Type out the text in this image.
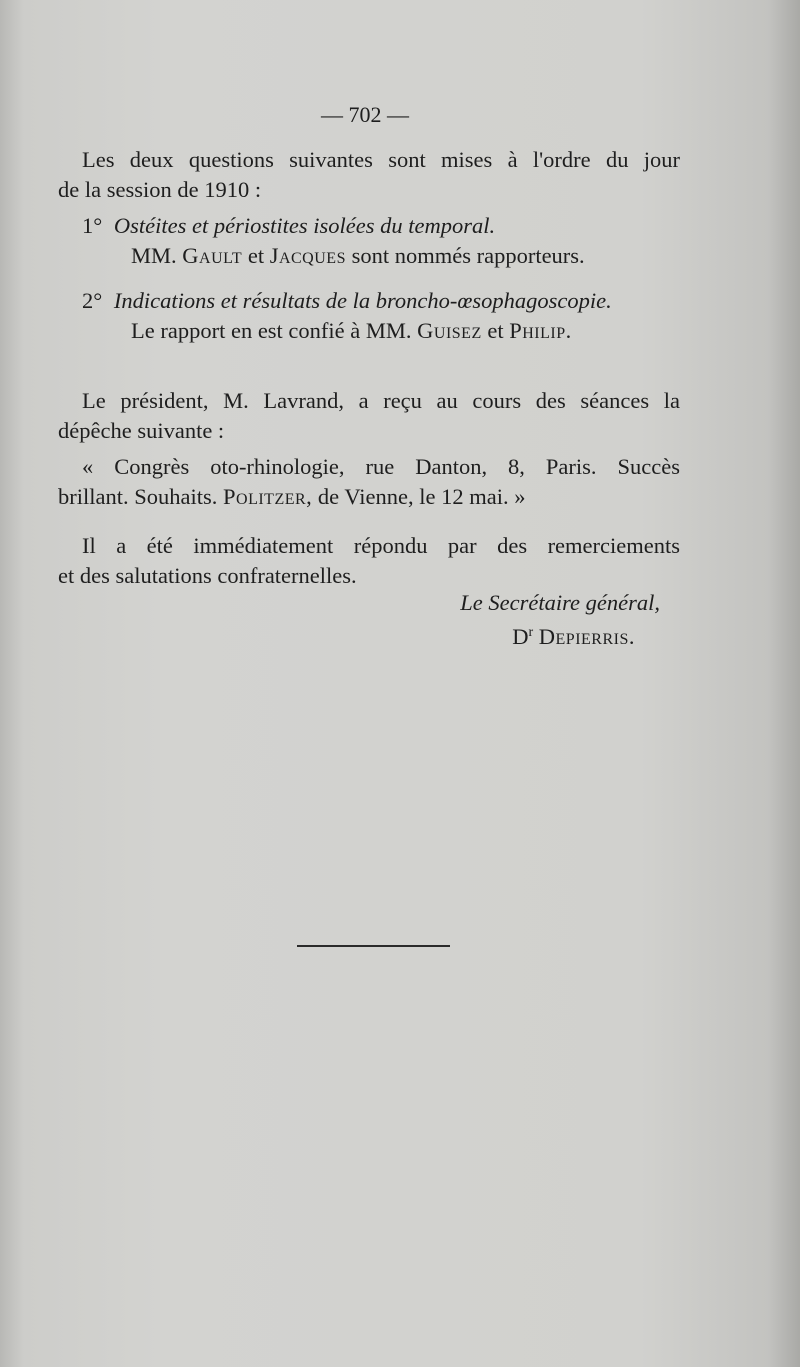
— 702 —
Les deux questions suivantes sont mises à l'ordre du jour
de la session de 1910 :
1° Ostéites et périostites isolées du temporal.
MM. Gault et Jacques sont nommés rapporteurs.
2° Indications et résultats de la broncho-œsophagoscopie.
Le rapport en est confié à MM. Guisez et Philip.
Le président, M. Lavrand, a reçu au cours des séances la
dépêche suivante :
« Congrès oto-rhinologie, rue Danton, 8, Paris. Succès
brillant. Souhaits. Politzer, de Vienne, le 12 mai. »
Il a été immédiatement répondu par des remerciements
et des salutations confraternelles.
Le Secrétaire général,
$D^r$ Depierris.
